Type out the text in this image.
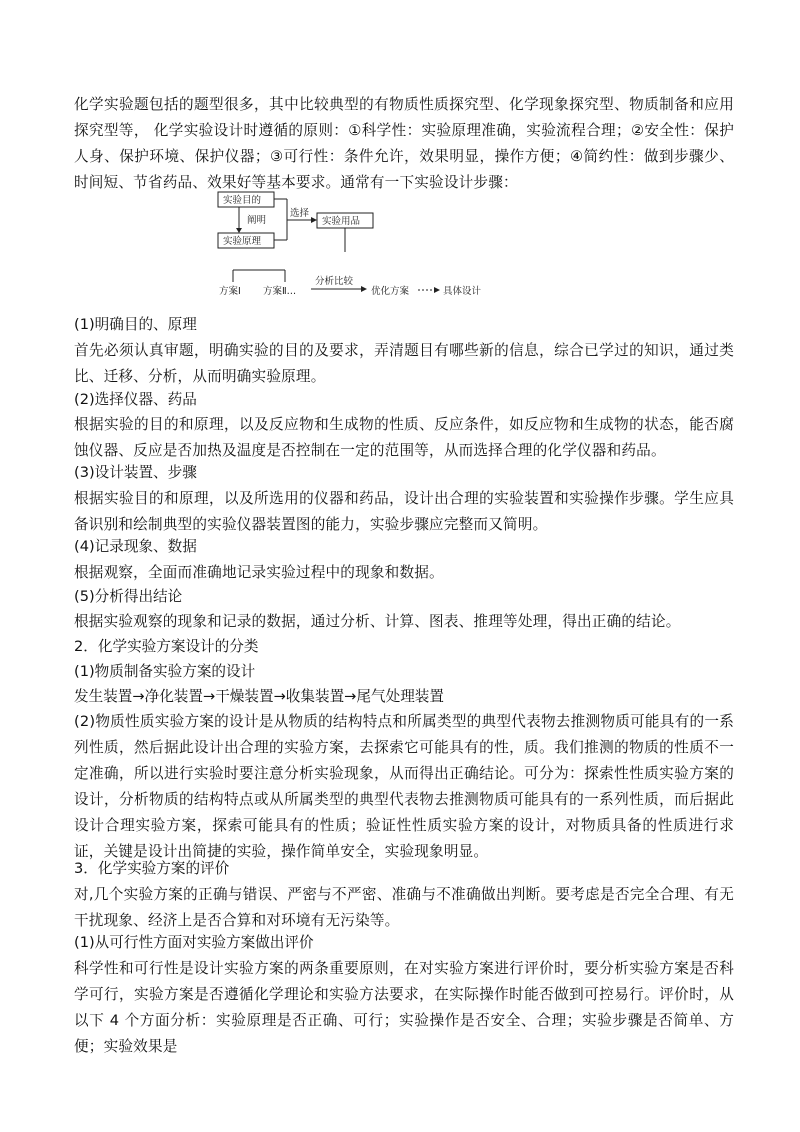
化学实验题包括的题型很多，其中比较典型的有物质性质探究型、化学现象探究型、物质制备和应用探究型等， 化学实验设计时遵循的原则：①科学性：实验原理准确，实验流程合理；②安全性：保护人身、保护环境、保护仪器；③可行性：条件允许，效果明显，操作方便；④简约性：做到步骤少、时间短、节省药品、效果好等基本要求。通常有一下实验设计步骤：

实验目的
阐明
实验原理
选择
实验用品
方案Ⅰ 方案Ⅱ…
分析比较
优化方案	具体设计

(1)明确目的、原理

首先必须认真审题，明确实验的目的及要求，弄清题目有哪些新的信息，综合已学过的知识，通过类比、迁移、分析，从而明确实验原理。

(2)选择仪器、药品

根据实验的目的和原理，以及反应物和生成物的性质、反应条件，如反应物和生成物的状态，能否腐蚀仪器、反应是否加热及温度是否控制在一定的范围等，从而选择合理的化学仪器和药品。

(3)设计装置、步骤

根据实验目的和原理，以及所选用的仪器和药品，设计出合理的实验装置和实验操作步骤。学生应具备识别和绘制典型的实验仪器装置图的能力，实验步骤应完整而又简明。

(4)记录现象、数据

根据观察，全面而准确地记录实验过程中的现象和数据。

(5)分析得出结论

根据实验观察的现象和记录的数据，通过分析、计算、图表、推理等处理，得出正确的结论。

2．化学实验方案设计的分类

(1)物质制备实验方案的设计

发生装置→净化装置→干燥装置→收集装置→尾气处理装置

(2)物质性质实验方案的设计是从物质的结构特点和所属类型的典型代表物去推测物质可能具有的一系列性质，然后据此设计出合理的实验方案，去探索它可能具有的性，质。我们推测的物质的性质不一定准确，所以进行实验时要注意分析实验现象，从而得出正确结论。可分为：探索性性质实验方案的设计，分析物质的结构特点或从所属类型的典型代表物去推测物质可能具有的一系列性质，而后据此设计合理实验方案，探索可能具有的性质；验证性性质实验方案的设计，对物质具备的性质进行求证，关键是设计出简捷的实验，操作简单安全，实验现象明显。

3．化学实验方案的评价

对,几个实验方案的正确与错误、严密与不严密、准确与不准确做出判断。要考虑是否完全合理、有无干扰现象、经济上是否合算和对环境有无污染等。

(1)从可行性方面对实验方案做出评价

科学性和可行性是设计实验方案的两条重要原则，在对实验方案进行评价时，要分析实验方案是否科学可行，实验方案是否遵循化学理论和实验方法要求，在实际操作时能否做到可控易行。评价时，从以下 4 个方面分析：实验原理是否正确、可行；实验操作是否安全、合理；实验步骤是否简单、方便；实验效果是
